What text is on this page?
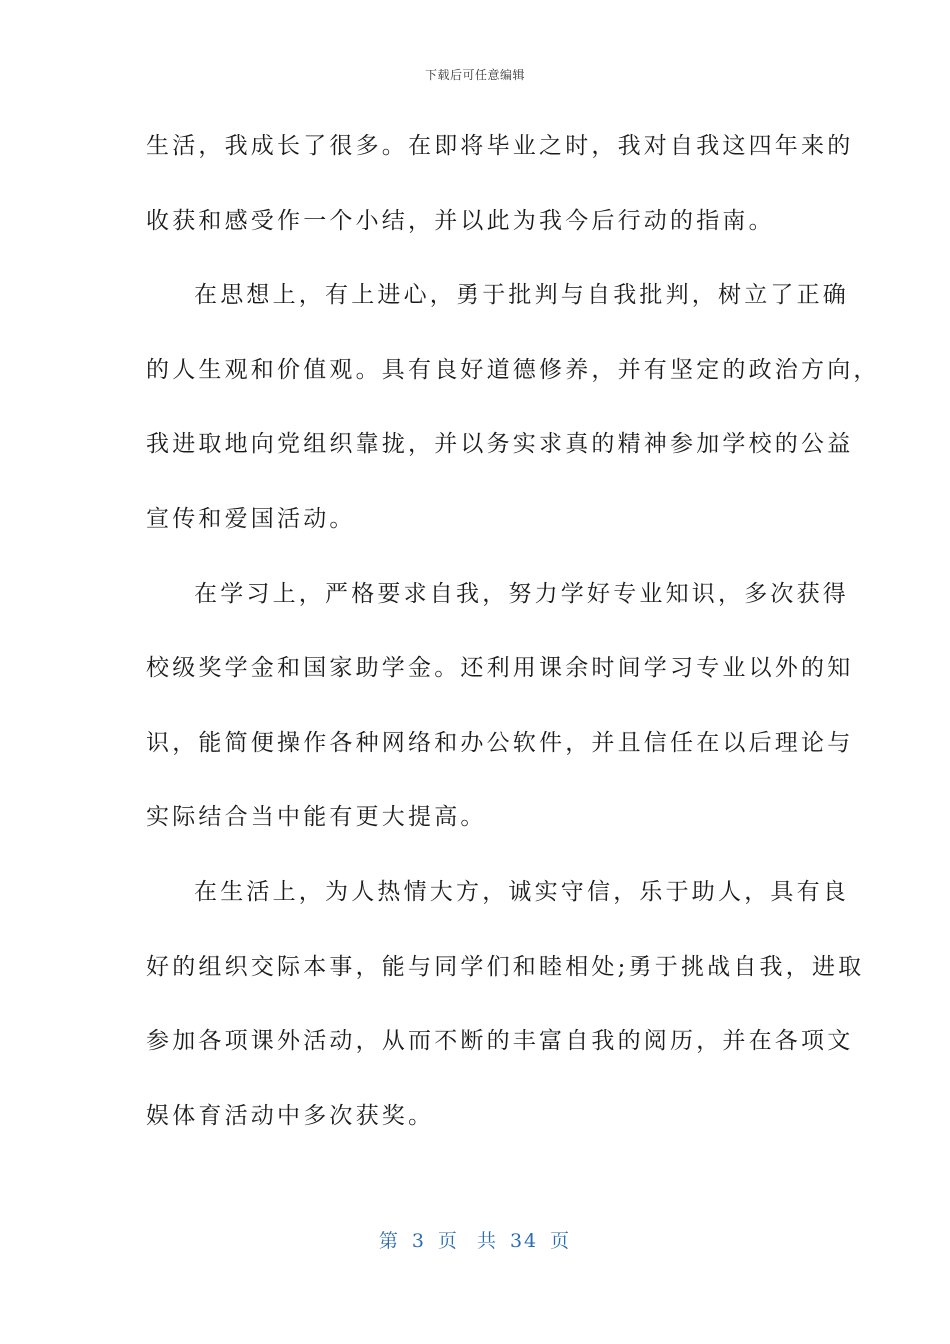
下载后可任意编辑
生活，我成长了很多。在即将毕业之时，我对自我这四年来的
收获和感受作一个小结，并以此为我今后行动的指南。
在思想上，有上进心，勇于批判与自我批判，树立了正确
的人生观和价值观。具有良好道德修养，并有坚定的政治方向，
我进取地向党组织靠拢，并以务实求真的精神参加学校的公益
宣传和爱国活动。
在学习上，严格要求自我，努力学好专业知识，多次获得
校级奖学金和国家助学金。还利用课余时间学习专业以外的知
识，能简便操作各种网络和办公软件，并且信任在以后理论与
实际结合当中能有更大提高。
在生活上，为人热情大方，诚实守信，乐于助人，具有良
好的组织交际本事，能与同学们和睦相处;勇于挑战自我，进取
参加各项课外活动，从而不断的丰富自我的阅历，并在各项文
娱体育活动中多次获奖。
第 3 页 共 34 页
